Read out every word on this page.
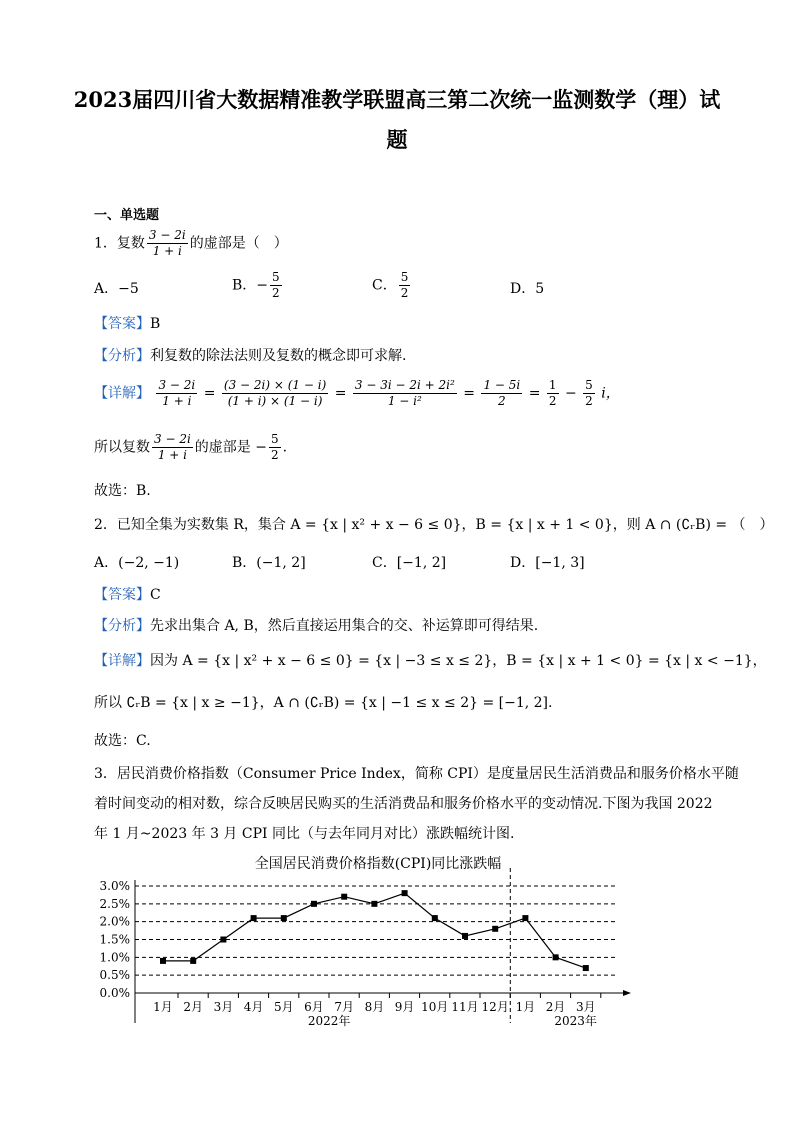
2023届四川省大数据精准教学联盟高三第二次统一监测数学（理）试
题
一、单选题
1．复数 $\frac{3 - 2i}{1 + i}$ 的虚部是（　）
A．−5	B．− $\frac{5}{2}$	C． $\frac{5}{2}$	D．5
【答案】B
【分析】利复数的除法法则及复数的概念即可求解.
【详解】 $\frac{3 - 2i}{1 + i} = \frac{(3 - 2i) \times (1 - i)}{(1 + i) \times (1 - i)} = \frac{\text{3 − 3i − 2i + 2i²}}{\text{1 − i²}} = \frac{1 - 5i}{2} = \frac{1}{2} - \frac{5}{2}$ i，
所以复数 $\frac{3 - 2i}{1 + i}$ 的虚部是 − $\frac{5}{2}$ .
故选：B.
2．已知全集为实数集 R，集合 A = {x | x² + x − 6 ≤ 0}，B = {x | x + 1 < 0}，则 A ∩ (∁ᵣB) = （　）
A．(−2, −1)	B．(−1, 2]	C．[−1, 2]	D．[−1, 3]
【答案】C
【分析】先求出集合 A, B，然后直接运用集合的交、补运算即可得结果.
【详解】因为 A = {x | x² + x − 6 ≤ 0} = {x | −3 ≤ x ≤ 2}，B = {x | x + 1 < 0} = {x | x < −1}，
所以 ∁ᵣB = {x | x ≥ −1}，A ∩ (∁ᵣB) = {x | −1 ≤ x ≤ 2} = [−1, 2].
故选：C.
3．居民消费价格指数（Consumer Price Index，简称 CPI）是度量居民生活消费品和服务价格水平随
着时间变动的相对数，综合反映居民购买的生活消费品和服务价格水平的变动情况.下图为我国 2022
年 1 月~2023 年 3 月 CPI 同比（与去年同月对比）涨跌幅统计图.
全国居民消费价格指数(CPI)同比涨跌幅
0.0%
0.5%
1.0%
1.5%
2.0%
2.5%
3.0%
1月 2月 3月 4月 5月 6月 7月 8月 9月 10月 11月 12月 1月 2月 3月
2022年	2023年
